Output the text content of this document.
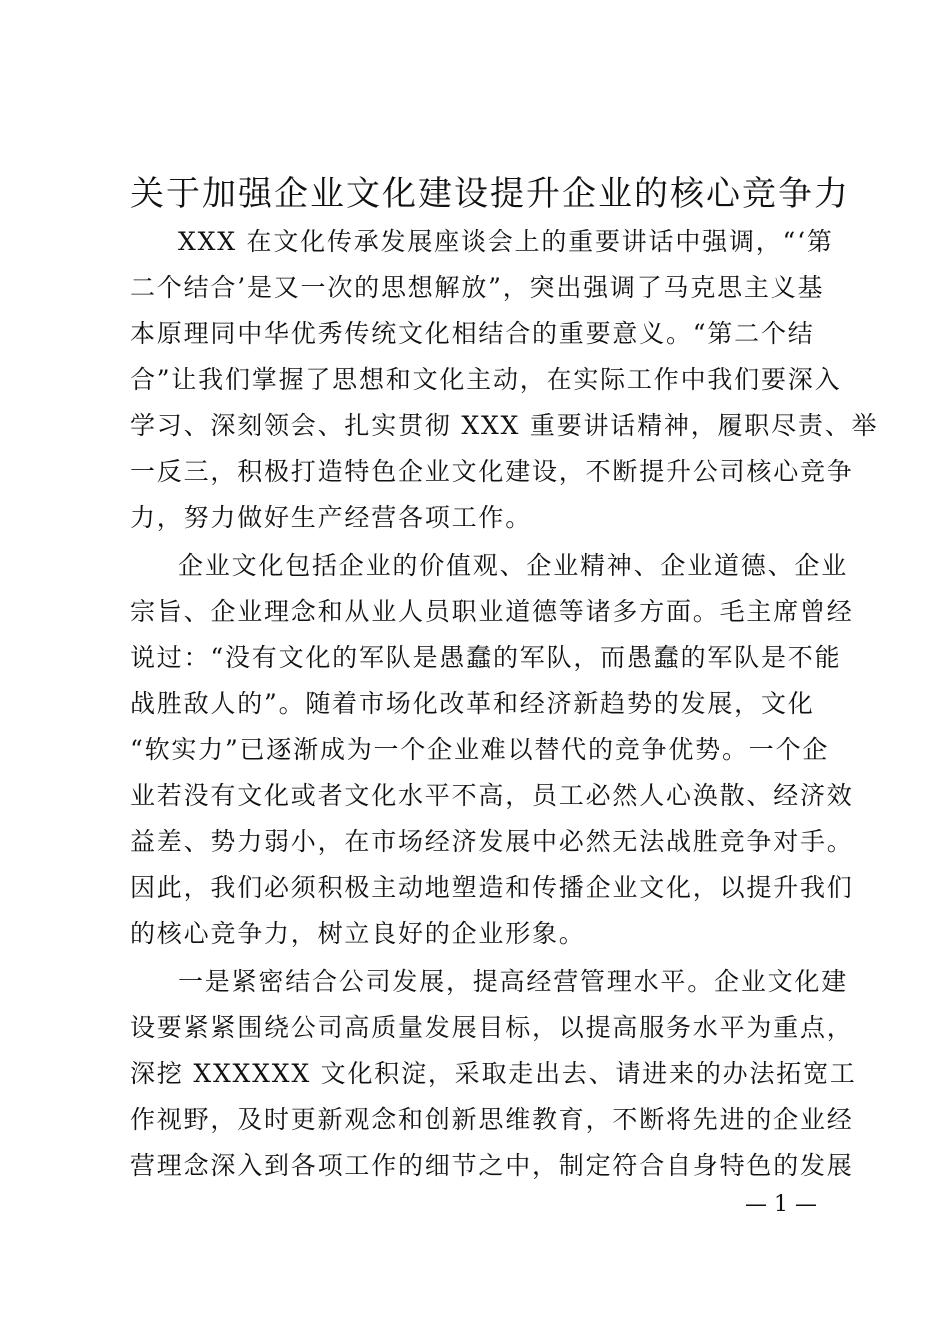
关于加强企业文化建设提升企业的核心竞争力
XXX 在文化传承发展座谈会上的重要讲话中强调，“‘第
二个结合’是又一次的思想解放”，突出强调了马克思主义基
本原理同中华优秀传统文化相结合的重要意义。“第二个结
合”让我们掌握了思想和文化主动，在实际工作中我们要深入
学习、深刻领会、扎实贯彻 XXX 重要讲话精神，履职尽责、举
一反三，积极打造特色企业文化建设，不断提升公司核心竞争
力，努力做好生产经营各项工作。
企业文化包括企业的价值观、企业精神、企业道德、企业
宗旨、企业理念和从业人员职业道德等诸多方面。毛主席曾经
说过：“没有文化的军队是愚蠢的军队，而愚蠢的军队是不能
战胜敌人的”。随着市场化改革和经济新趋势的发展，文化
“软实力”已逐渐成为一个企业难以替代的竞争优势。一个企
业若没有文化或者文化水平不高，员工必然人心涣散、经济效
益差、势力弱小，在市场经济发展中必然无法战胜竞争对手。
因此，我们必须积极主动地塑造和传播企业文化，以提升我们
的核心竞争力，树立良好的企业形象。
一是紧密结合公司发展，提高经营管理水平。企业文化建
设要紧紧围绕公司高质量发展目标，以提高服务水平为重点，
深挖 XXXXXX 文化积淀，采取走出去、请进来的办法拓宽工
作视野，及时更新观念和创新思维教育，不断将先进的企业经
营理念深入到各项工作的细节之中，制定符合自身特色的发展
— 1 —
